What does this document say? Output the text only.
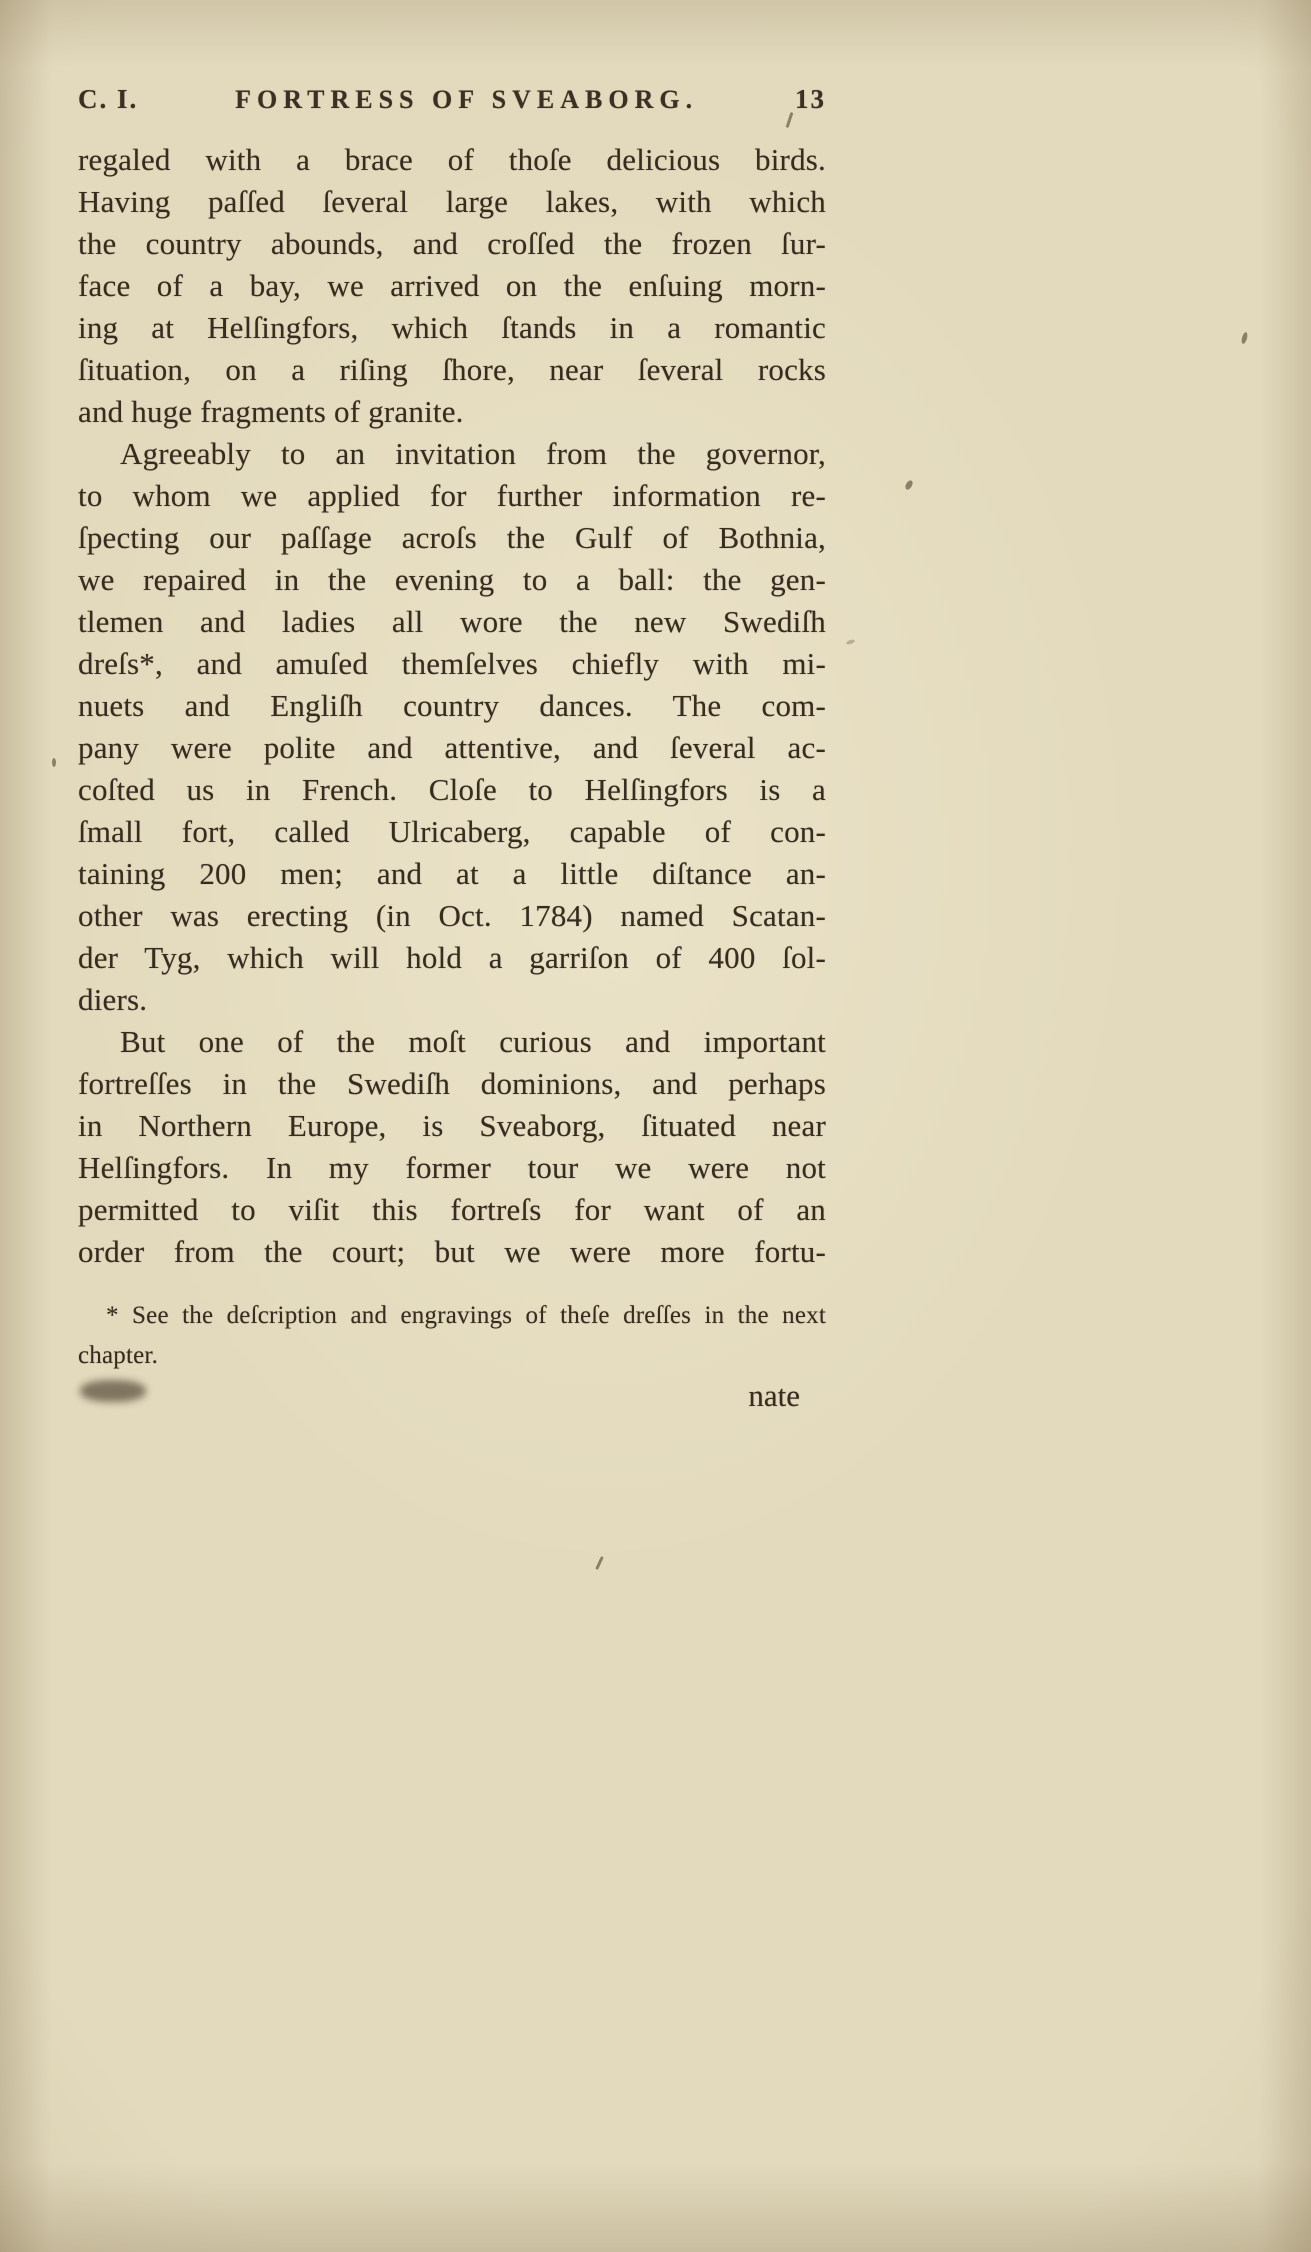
C. I.	FORTRESS OF SVEABORG.	13
regaled with a brace of thoſe delicious birds.
Having paſſed ſeveral large lakes, with which
the country abounds, and croſſed the frozen ſur-
face of a bay, we arrived on the enſuing morn-
ing at Helſingfors, which ſtands in a romantic
ſituation, on a riſing ſhore, near ſeveral rocks
and huge fragments of granite.
Agreeably to an invitation from the governor,
to whom we applied for further information re-
ſpecting our paſſage acroſs the Gulf of Bothnia,
we repaired in the evening to a ball: the gen-
tlemen and ladies all wore the new Swediſh
dreſs*, and amuſed themſelves chiefly with mi-
nuets and Engliſh country dances. The com-
pany were polite and attentive, and ſeveral ac-
coſted us in French. Cloſe to Helſingfors is a
ſmall fort, called Ulricaberg, capable of con-
taining 200 men; and at a little diſtance an-
other was erecting (in Oct. 1784) named Scatan-
der Tyg, which will hold a garriſon of 400 ſol-
diers.
But one of the moſt curious and important
fortreſſes in the Swediſh dominions, and perhaps
in Northern Europe, is Sveaborg, ſituated near
Helſingfors. In my former tour we were not
permitted to viſit this fortreſs for want of an
order from the court; but we were more fortu-
* See the deſcription and engravings of theſe dreſſes in the next
chapter.
nate
